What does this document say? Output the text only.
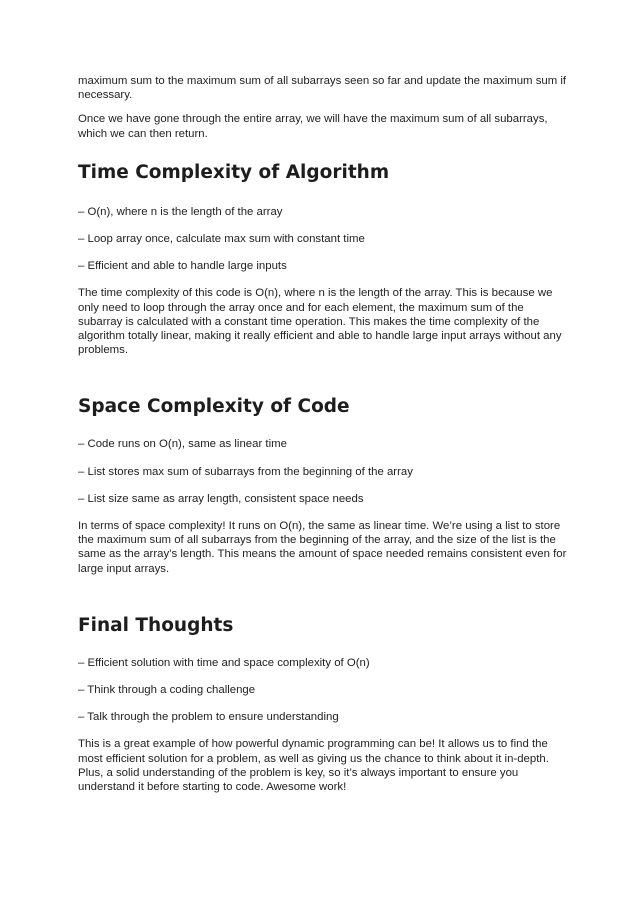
maximum sum to the maximum sum of all subarrays seen so far and update the maximum sum if necessary.

Once we have gone through the entire array, we will have the maximum sum of all subarrays, which we can then return.

Time Complexity of Algorithm

– O(n), where n is the length of the array

– Loop array once, calculate max sum with constant time

– Efficient and able to handle large inputs

The time complexity of this code is O(n), where n is the length of the array. This is because we only need to loop through the array once and for each element, the maximum sum of the subarray is calculated with a constant time operation. This makes the time complexity of the algorithm totally linear, making it really efficient and able to handle large input arrays without any problems.

Space Complexity of Code

– Code runs on O(n), same as linear time

– List stores max sum of subarrays from the beginning of the array

– List size same as array length, consistent space needs

In terms of space complexity! It runs on O(n), the same as linear time. We’re using a list to store the maximum sum of all subarrays from the beginning of the array, and the size of the list is the same as the array’s length. This means the amount of space needed remains consistent even for large input arrays.

Final Thoughts

– Efficient solution with time and space complexity of O(n)

– Think through a coding challenge

– Talk through the problem to ensure understanding

This is a great example of how powerful dynamic programming can be! It allows us to find the most efficient solution for a problem, as well as giving us the chance to think about it in-depth. Plus, a solid understanding of the problem is key, so it’s always important to ensure you understand it before starting to code. Awesome work!
